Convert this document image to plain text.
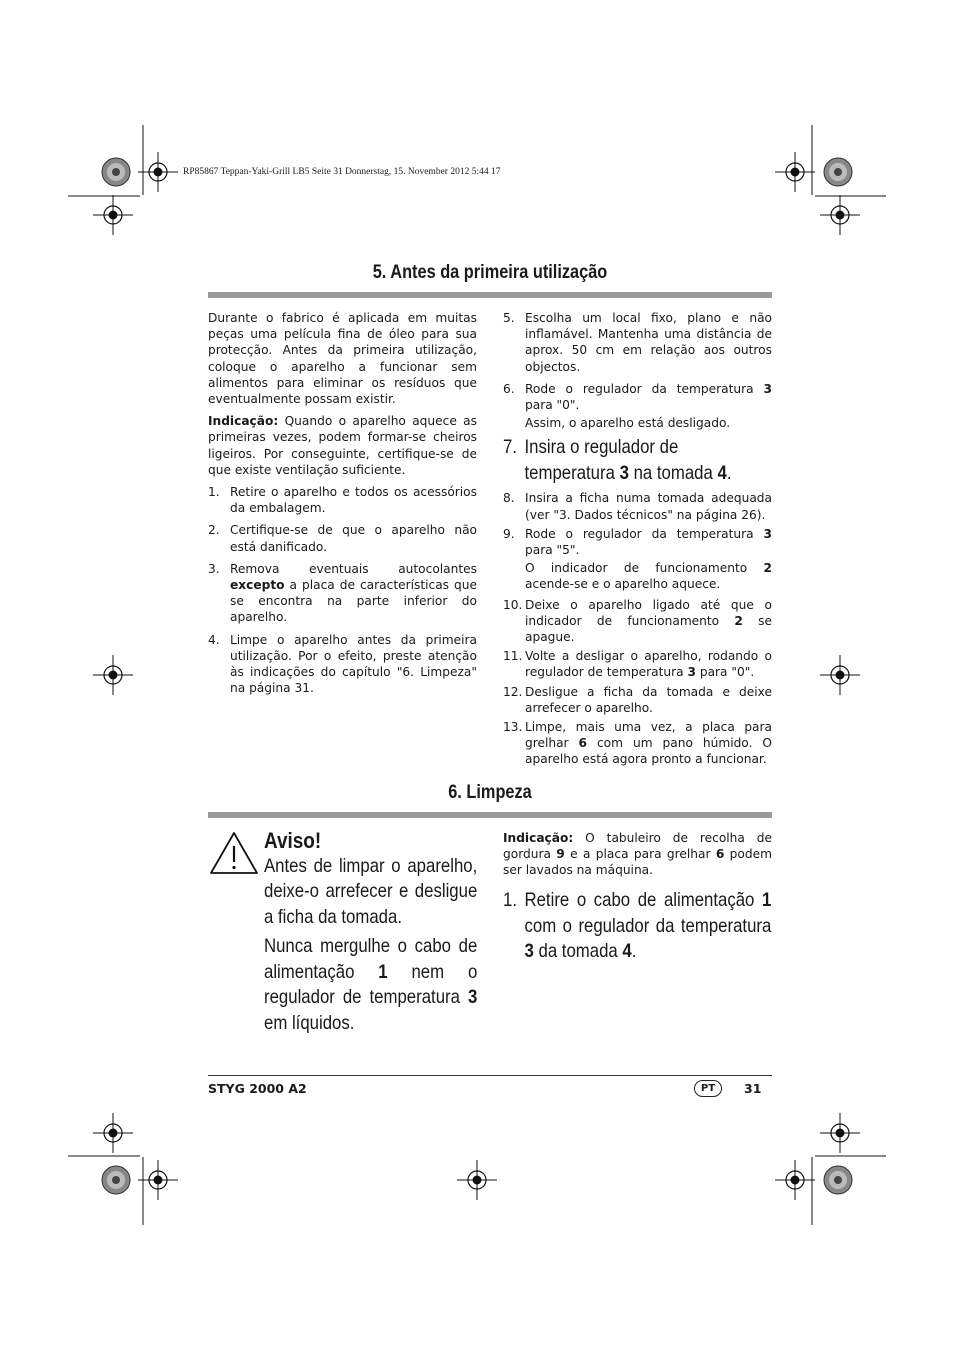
RP85867 Teppan-Yaki-Grill LB5 Seite 31 Donnerstag, 15. November 2012 5:44 17
5. Antes da primeira utilização

Durante o fabrico é aplicada em muitas peças uma película fina de óleo para sua protecção. Antes da primeira utilização, coloque o aparelho a funcionar sem alimentos para eliminar os resíduos que eventualmente possam existir.

Indicação: Quando o aparelho aquece as primeiras vezes, podem formar-se cheiros ligeiros. Por conseguinte, certifique-se de que existe ventilação suficiente.

1. Retire o aparelho e todos os acessórios da embalagem.
2. Certifique-se de que o aparelho não está danificado.
3. Remova eventuais autocolantes excepto a placa de características que se encontra na parte inferior do aparelho.
4. Limpe o aparelho antes da primeira utilização. Por o efeito, preste atenção às indicações do capítulo "6. Limpeza" na página 31.
5. Escolha um local fixo, plano e não inflamável. Mantenha uma distância de aprox. 50 cm em relação aos outros objectos.
6. Rode o regulador da temperatura 3 para "0".
Assim, o aparelho está desligado.
7. Insira o regulador de temperatura 3 na tomada 4.
8. Insira a ficha numa tomada adequada (ver "3. Dados técnicos" na página 26).
9. Rode o regulador da temperatura 3 para "5".
O indicador de funcionamento 2 acende-se e o aparelho aquece.
10. Deixe o aparelho ligado até que o indicador de funcionamento 2 se apague.
11. Volte a desligar o aparelho, rodando o regulador de temperatura 3 para "0".
12. Desligue a ficha da tomada e deixe arrefecer o aparelho.
13. Limpe, mais uma vez, a placa para grelhar 6 com um pano húmido. O aparelho está agora pronto a funcionar.
6. Limpeza
Aviso!
Antes de limpar o aparelho, deixe-o arrefecer e desligue a ficha da tomada.
Nunca mergulhe o cabo de alimentação 1 nem o regulador de temperatura 3 em líquidos.

Indicação: O tabuleiro de recolha de gordura 9 e a placa para grelhar 6 podem ser lavados na máquina.

1. Retire o cabo de alimentação 1 com o regulador da temperatura 3 da tomada 4.
STYG 2000 A2	PT	31
